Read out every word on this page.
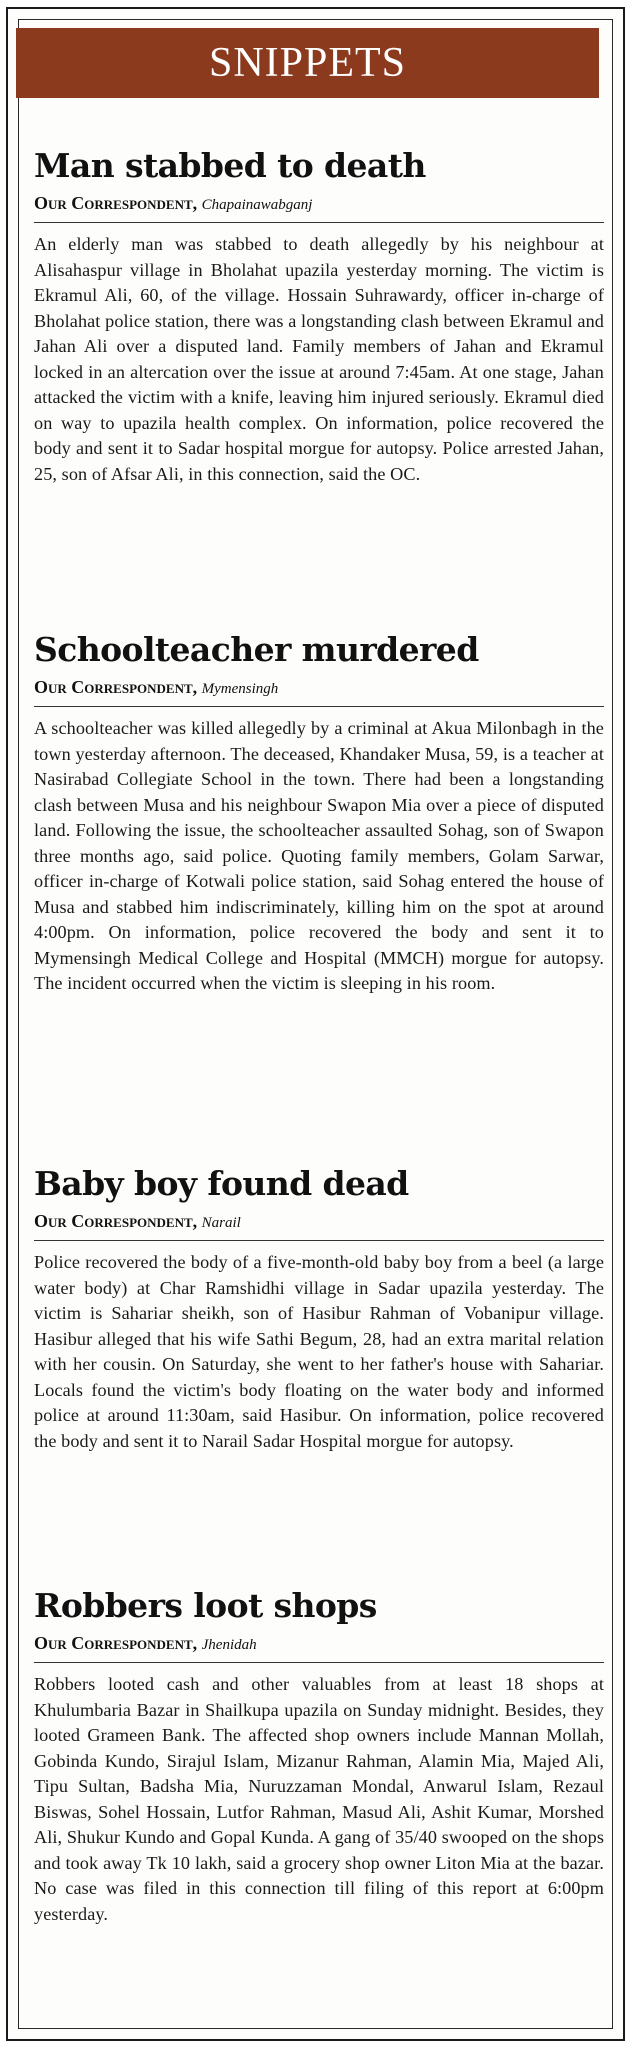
SNIPPETS
Man stabbed to death
Our Correspondent, Chapainawabganj
An elderly man was stabbed to death allegedly by his neighbour at Alisahaspur village in Bholahat upazila yesterday morning. The victim is Ekramul Ali, 60, of the village. Hossain Suhrawardy, officer in-charge of Bholahat police station, there was a longstanding clash between Ekramul and Jahan Ali over a disputed land. Family members of Jahan and Ekramul locked in an altercation over the issue at around 7:45am. At one stage, Jahan attacked the victim with a knife, leaving him injured seriously. Ekramul died on way to upazila health complex. On information, police recovered the body and sent it to Sadar hospital morgue for autopsy. Police arrested Jahan, 25, son of Afsar Ali, in this connection, said the OC.
Schoolteacher murdered
Our Correspondent, Mymensingh
A schoolteacher was killed allegedly by a criminal at Akua Milonbagh in the town yesterday afternoon. The deceased, Khandaker Musa, 59, is a teacher at Nasirabad Collegiate School in the town. There had been a longstanding clash between Musa and his neighbour Swapon Mia over a piece of disputed land. Following the issue, the schoolteacher assaulted Sohag, son of Swapon three months ago, said police. Quoting family members, Golam Sarwar, officer in-charge of Kotwali police station, said Sohag entered the house of Musa and stabbed him indiscriminately, killing him on the spot at around 4:00pm. On information, police recovered the body and sent it to Mymensingh Medical College and Hospital (MMCH) morgue for autopsy. The incident occurred when the victim is sleeping in his room.
Baby boy found dead
Our Correspondent, Narail
Police recovered the body of a five-month-old baby boy from a beel (a large water body) at Char Ramshidhi village in Sadar upazila yesterday. The victim is Sahariar sheikh, son of Hasibur Rahman of Vobanipur village. Hasibur alleged that his wife Sathi Begum, 28, had an extra marital relation with her cousin. On Saturday, she went to her father's house with Sahariar. Locals found the victim's body floating on the water body and informed police at around 11:30am, said Hasibur. On information, police recovered the body and sent it to Narail Sadar Hospital morgue for autopsy.
Robbers loot shops
Our Correspondent, Jhenidah
Robbers looted cash and other valuables from at least 18 shops at Khulumbaria Bazar in Shailkupa upazila on Sunday midnight. Besides, they looted Grameen Bank. The affected shop owners include Mannan Mollah, Gobinda Kundo, Sirajul Islam, Mizanur Rahman, Alamin Mia, Majed Ali, Tipu Sultan, Badsha Mia, Nuruzzaman Mondal, Anwarul Islam, Rezaul Biswas, Sohel Hossain, Lutfor Rahman, Masud Ali, Ashit Kumar, Morshed Ali, Shukur Kundo and Gopal Kunda. A gang of 35/40 swooped on the shops and took away Tk 10 lakh, said a grocery shop owner Liton Mia at the bazar. No case was filed in this connection till filing of this report at 6:00pm yesterday.
